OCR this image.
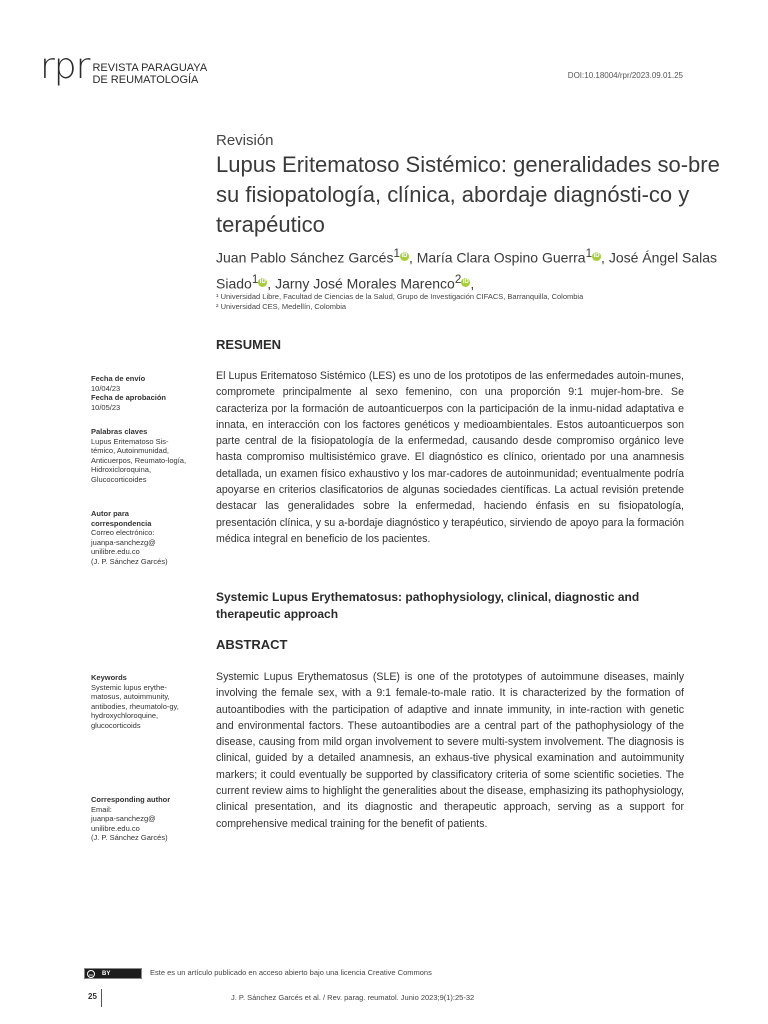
rpr REVISTA PARAGUAYA
DE REUMATOLOGÍA	DOI:10.18004/rpr/2023.09.01.25
Revisión
Lupus Eritematoso Sistémico: generalidades so-bre su fisiopatología, clínica, abordaje diagnósti-co y terapéutico
Juan Pablo Sánchez Garcés$^1$ iD , María Clara Ospino Guerra$^1$ iD , José Ángel Salas Siado$^1$ iD , Jarny José Morales Marenco$^2$ iD ,
¹ Universidad Libre, Facultad de Ciencias de la Salud, Grupo de Investigación CIFACS, Barranquilla, Colombia
² Universidad CES, Medellín, Colombia
RESUMEN
El Lupus Eritematoso Sistémico (LES) es uno de los prototipos de las enfermedades autoin-munes, compromete principalmente al sexo femenino, con una proporción 9:1 mujer-hom-bre. Se caracteriza por la formación de autoanticuerpos con la participación de la inmu-nidad adaptativa e innata, en interacción con los factores genéticos y medioambientales. Estos autoanticuerpos son parte central de la fisiopatología de la enfermedad, causando desde compromiso orgánico leve hasta compromiso multisistémico grave. El diagnóstico es clínico, orientado por una anamnesis detallada, un examen físico exhaustivo y los mar-cadores de autoinmunidad; eventualmente podría apoyarse en criterios clasificatorios de algunas sociedades científicas. La actual revisión pretende destacar las generalidades sobre la enfermedad, haciendo énfasis en su fisiopatología, presentación clínica, y su a-bordaje diagnóstico y terapéutico, sirviendo de apoyo para la formación médica integral en beneficio de los pacientes.
Systemic Lupus Erythematosus: pathophysiology, clinical, diagnostic and therapeutic approach
ABSTRACT
Systemic Lupus Erythematosus (SLE) is one of the prototypes of autoimmune diseases, mainly involving the female sex, with a 9:1 female-to-male ratio. It is characterized by the formation of autoantibodies with the participation of adaptive and innate immunity, in inte-raction with genetic and environmental factors. These autoantibodies are a central part of the pathophysiology of the disease, causing from mild organ involvement to severe multi-system involvement. The diagnosis is clinical, guided by a detailed anamnesis, an exhaus-tive physical examination and autoimmunity markers; it could eventually be supported by classificatory criteria of some scientific societies. The current review aims to highlight the generalities about the disease, emphasizing its pathophysiology, clinical presentation, and its diagnostic and therapeutic approach, serving as a support for comprehensive medical training for the benefit of patients.
Fecha de envío
10/04/23
Fecha de aprobación
10/05/23
Palabras claves
Lupus Eritematoso Sis-témico, Autoinmunidad, Anticuerpos, Reumato-logía, Hidroxicloroquina, Glucocorticoides
Autor para correspondencia
Correo electrónico:
juanpa-sanchezg@ unilibre.edu.co
(J. P. Sánchez Garcés)
Keywords
Systemic lupus erythe-matosus, autoimmunity, antibodies, rheumatolo-gy, hydroxychloroquine, glucocorticoids
Corresponding author
Email:
juanpa-sanchezg@ unilibre.edu.co
(J. P. Sánchez Garcés)
cc	BY	Este es un artículo publicado en acceso abierto bajo una licencia Creative Commons
25	J. P. Sánchez Garcés et al. / Rev. parag. reumatol. Junio 2023;9(1):25-32
